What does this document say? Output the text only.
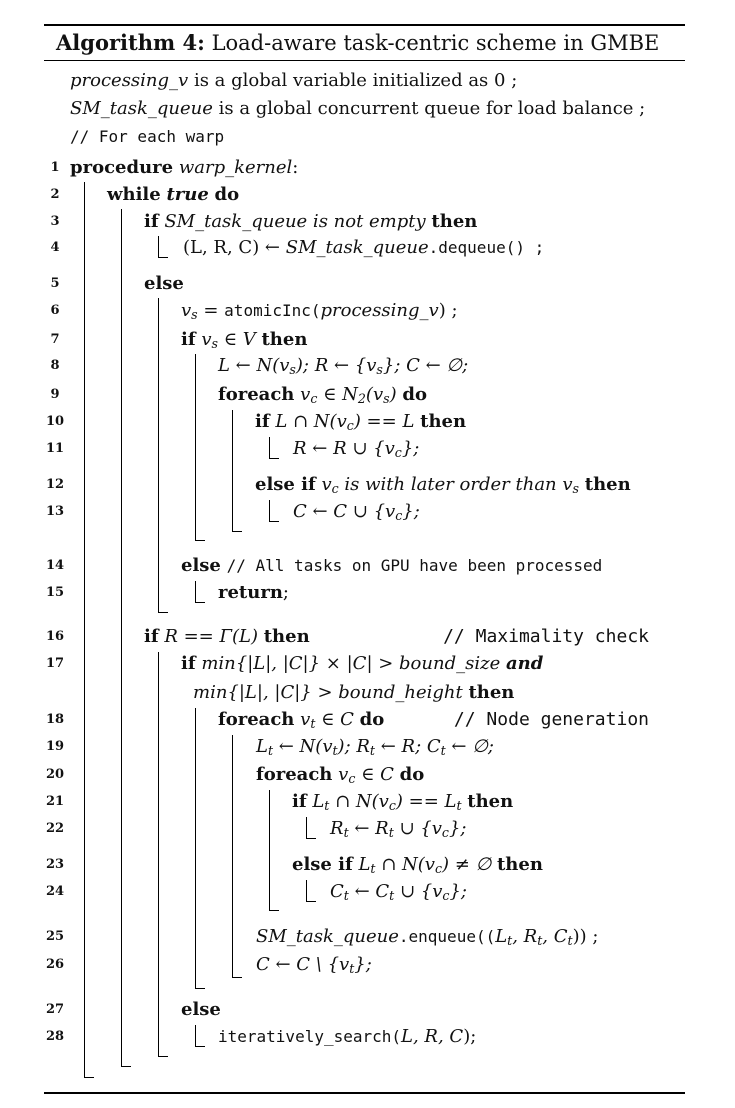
Algorithm 4: Load-aware task-centric scheme in GMBE
processing_v is a global variable initialized as 0 ;
SM_task_queue is a global concurrent queue for load balance ;
// For each warp
1
2
3
4
5
6
7
8
9
10
11
12
13
14
15
16
17
18
19
20
21
22
23
24
25
26
27
28
procedure warp_kernel:
while true do
if SM_task_queue is not empty then
(L, R, C) ← SM_task_queue.dequeue() ;
else
$v_s$ = atomicInc(processing_v) ;
if $v_s$ ∈ V then
L ← $N(v_s)$; R ← $\{v_s\}$; C ← ∅;
foreach $v_c$ ∈ $N_2(v_s)$ do
if L ∩ $N(v_c) == L$ then
R ← R ∪ $\{v_c\}$;
else if $v_c$ is with later order than $v_s$ then
C ← C ∪ $\{v_c\}$;
else // All tasks on GPU have been processed
return;
if R == Γ(L) then	// Maximality check
if min{|L|, |C|} × |C| > bound_size and
min{|L|, |C|} > bound_height then
foreach $v_t$ ∈ C do	// Node generation
$L_t$ ← $N(v_t)$; $R_t$ ← R; $C_t$ ← ∅;
foreach $v_c$ ∈ C do
if $L_t$ ∩ $N(v_c) == L_t$ then
$R_t$ ← $R_t$ ∪ $\{v_c\}$;
else if $L_t$ ∩ $N(v_c)$ ≠ ∅ then
$C_t$ ← $C_t$ ∪ $\{v_c\}$;
$SM\_task\_queue.enqueue((L_t$, $R_t$, $C_t$)) ;
C ← C \ $\{v_t\}$;
else
iteratively_search(L, R, C);
